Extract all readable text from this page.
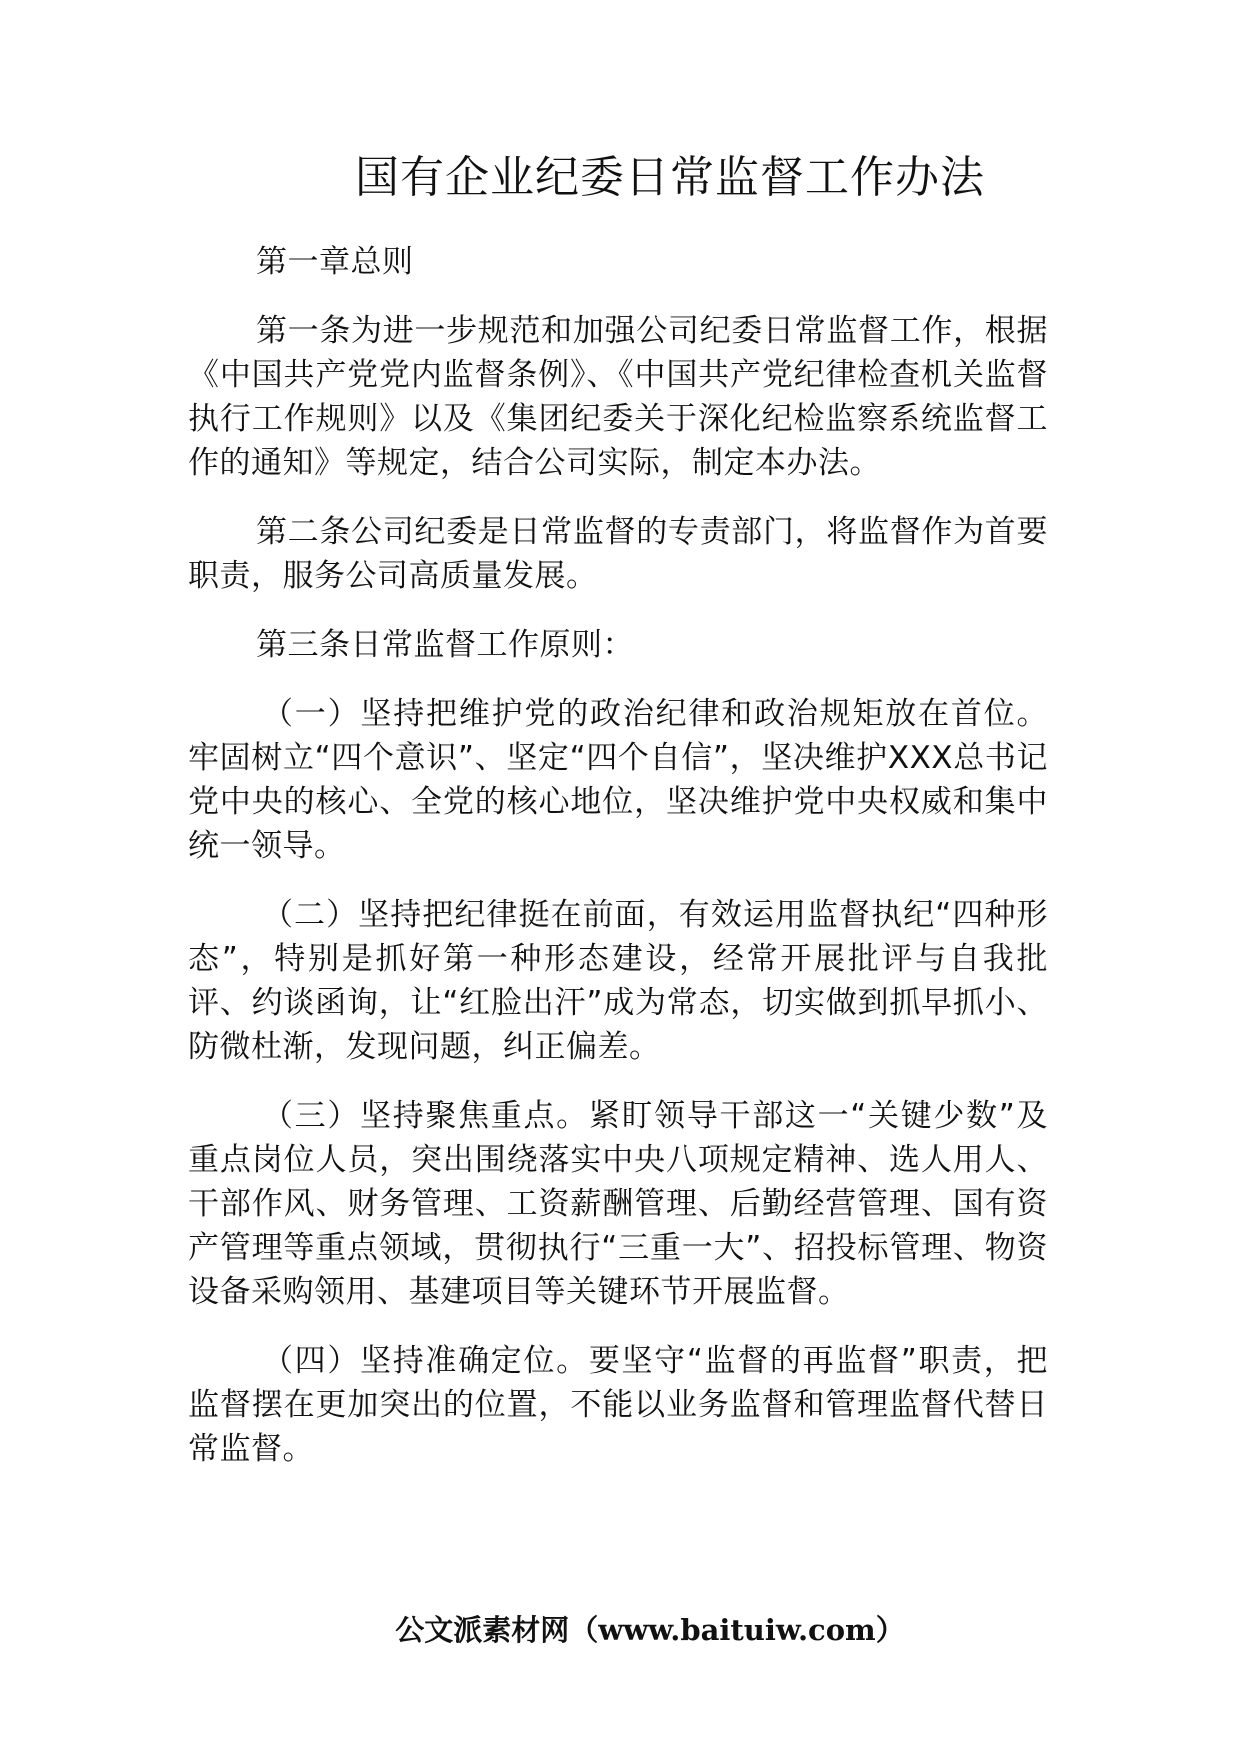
国有企业纪委日常监督工作办法

第一章总则

第一条为进一步规范和加强公司纪委日常监督工作，根据《中国共产党党内监督条例》、《中国共产党纪律检查机关监督执行工作规则》以及《集团纪委关于深化纪检监察系统监督工作的通知》等规定，结合公司实际，制定本办法。

第二条公司纪委是日常监督的专责部门，将监督作为首要职责，服务公司高质量发展。

第三条日常监督工作原则：

（一）坚持把维护党的政治纪律和政治规矩放在首位。牢固树立“四个意识”、坚定“四个自信”，坚决维护XXX总书记党中央的核心、全党的核心地位，坚决维护党中央权威和集中统一领导。

（二）坚持把纪律挺在前面，有效运用监督执纪“四种形态”，特别是抓好第一种形态建设，经常开展批评与自我批评、约谈函询，让“红脸出汗”成为常态，切实做到抓早抓小、防微杜渐，发现问题，纠正偏差。

（三）坚持聚焦重点。紧盯领导干部这一“关键少数”及重点岗位人员，突出围绕落实中央八项规定精神、选人用人、干部作风、财务管理、工资薪酬管理、后勤经营管理、国有资产管理等重点领域，贯彻执行“三重一大”、招投标管理、物资设备采购领用、基建项目等关键环节开展监督。

（四）坚持准确定位。要坚守“监督的再监督”职责，把监督摆在更加突出的位置，不能以业务监督和管理监督代替日常监督。

公文派素材网（www.baituiw.com）
